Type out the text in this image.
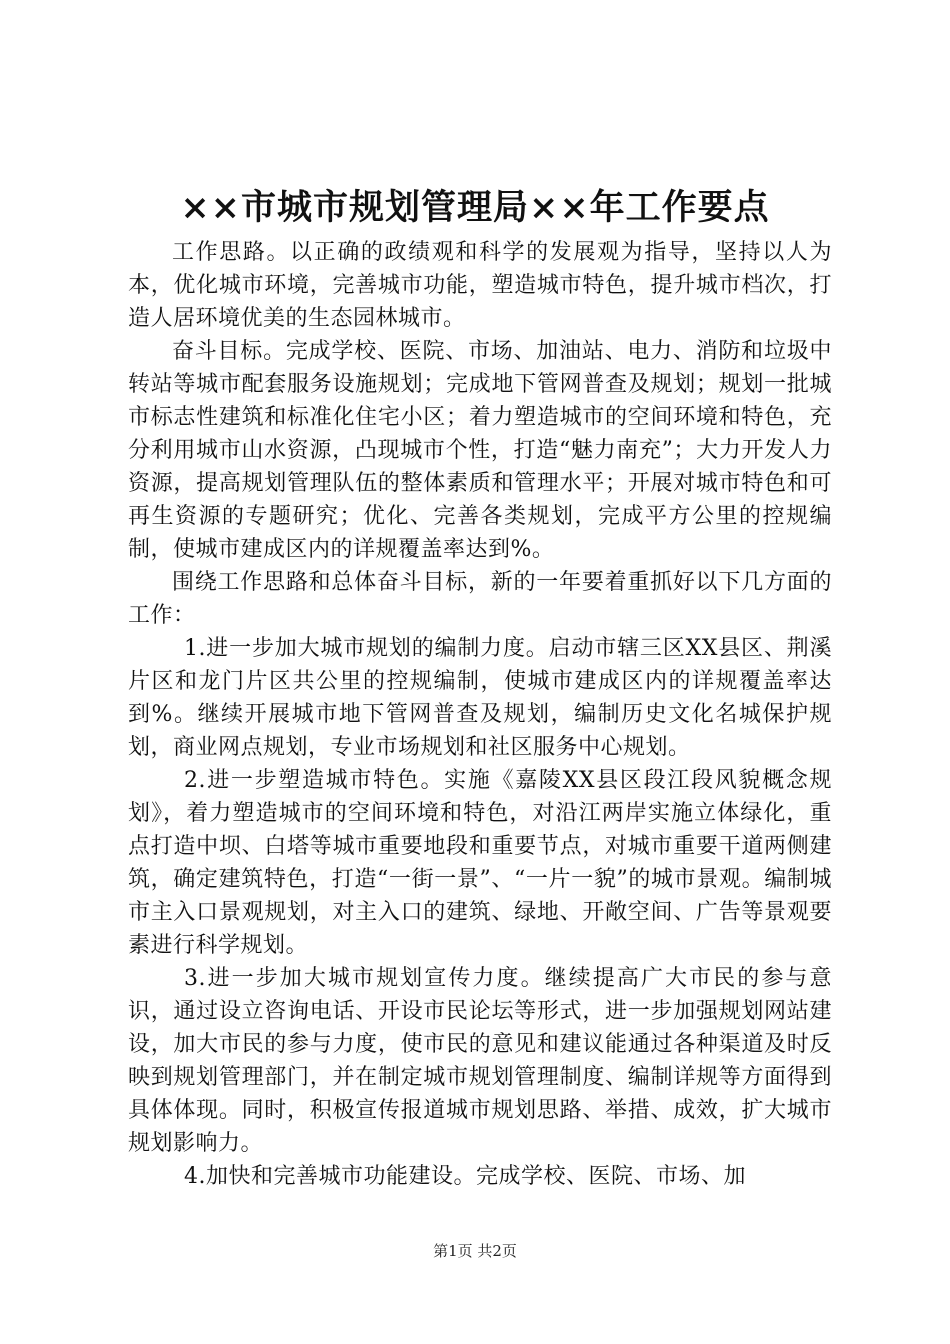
××市城市规划管理局××年工作要点

工作思路。以正确的政绩观和科学的发展观为指导，坚持以人为本，优化城市环境，完善城市功能，塑造城市特色，提升城市档次，打造人居环境优美的生态园林城市。

奋斗目标。完成学校、医院、市场、加油站、电力、消防和垃圾中转站等城市配套服务设施规划；完成地下管网普查及规划；规划一批城市标志性建筑和标准化住宅小区；着力塑造城市的空间环境和特色，充分利用城市山水资源，凸现城市个性，打造“魅力南充”；大力开发人力资源，提高规划管理队伍的整体素质和管理水平；开展对城市特色和可再生资源的专题研究；优化、完善各类规划，完成平方公里的控规编制，使城市建成区内的详规覆盖率达到%。

围绕工作思路和总体奋斗目标，新的一年要着重抓好以下几方面的工作：

1.进一步加大城市规划的编制力度。启动市辖三区XX县区、荆溪片区和龙门片区共公里的控规编制，使城市建成区内的详规覆盖率达到%。继续开展城市地下管网普查及规划，编制历史文化名城保护规划，商业网点规划，专业市场规划和社区服务中心规划。

2.进一步塑造城市特色。实施《嘉陵XX县区段江段风貌概念规划》，着力塑造城市的空间环境和特色，对沿江两岸实施立体绿化，重点打造中坝、白塔等城市重要地段和重要节点，对城市重要干道两侧建筑，确定建筑特色，打造“一街一景”、“一片一貌”的城市景观。编制城市主入口景观规划，对主入口的建筑、绿地、开敞空间、广告等景观要素进行科学规划。

3.进一步加大城市规划宣传力度。继续提高广大市民的参与意识，通过设立咨询电话、开设市民论坛等形式，进一步加强规划网站建设，加大市民的参与力度，使市民的意见和建议能通过各种渠道及时反映到规划管理部门，并在制定城市规划管理制度、编制详规等方面得到具体体现。同时，积极宣传报道城市规划思路、举措、成效，扩大城市规划影响力。

4.加快和完善城市功能建设。完成学校、医院、市场、加

第1页 共2页
